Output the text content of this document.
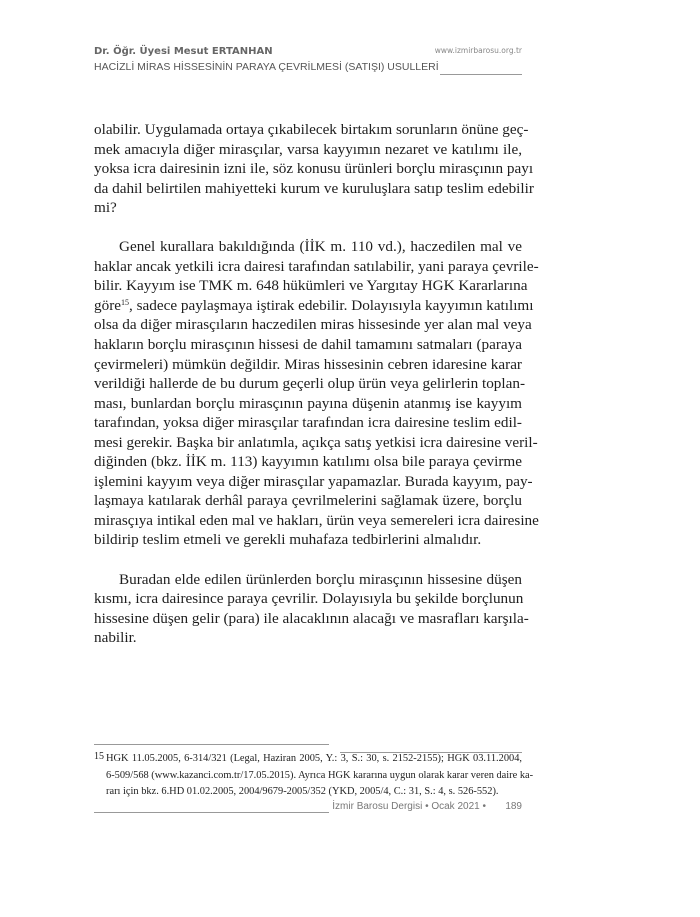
Dr. Öğr. Üyesi Mesut ERTANHAN
HACİZLİ MİRAS HİSSESİNİN PARAYA ÇEVRİLMESİ (SATIŞI) USULLERİ
www.izmirbarosu.org.tr
olabilir. Uygulamada ortaya çıkabilecek birtakım sorunların önüne geç-
mek amacıyla diğer mirasçılar, varsa kayyımın nezaret ve katılımı ile,
yoksa icra dairesinin izni ile, söz konusu ürünleri borçlu mirasçının payı
da dahil belirtilen mahiyetteki kurum ve kuruluşlara satıp teslim edebilir
mi?
Genel kurallara bakıldığında (İİK m. 110 vd.), haczedilen mal ve
haklar ancak yetkili icra dairesi tarafından satılabilir, yani paraya çevrile-
bilir. Kayyım ise TMK m. 648 hükümleri ve Yargıtay HGK Kararlarına
göre$^{15}$, sadece paylaşmaya iştirak edebilir. Dolayısıyla kayyımın katılımı
olsa da diğer mirasçıların haczedilen miras hissesinde yer alan mal veya
hakların borçlu mirasçının hissesi de dahil tamamını satmaları (paraya
çevirmeleri) mümkün değildir. Miras hissesinin cebren idaresine karar
verildiği hallerde de bu durum geçerli olup ürün veya gelirlerin toplan-
ması, bunlardan borçlu mirasçının payına düşenin atanmış ise kayyım
tarafından, yoksa diğer mirasçılar tarafından icra dairesine teslim edil-
mesi gerekir. Başka bir anlatımla, açıkça satış yetkisi icra dairesine veril-
diğinden (bkz. İİK m. 113) kayyımın katılımı olsa bile paraya çevirme
işlemini kayyım veya diğer mirasçılar yapamazlar. Burada kayyım, pay-
laşmaya katılarak derhâl paraya çevrilmelerini sağlamak üzere, borçlu
mirasçıya intikal eden mal ve hakları, ürün veya semereleri icra dairesine
bildirip teslim etmeli ve gerekli muhafaza tedbirlerini almalıdır.
Buradan elde edilen ürünlerden borçlu mirasçının hissesine düşen
kısmı, icra dairesince paraya çevrilir. Dolayısıyla bu şekilde borçlunun
hissesine düşen gelir (para) ile alacaklının alacağı ve masrafları karşıla-
nabilir.
15 HGK 11.05.2005, 6-314/321 (Legal, Haziran 2005, Y.: 3, S.: 30, s. 2152-2155); HGK 03.11.2004,
6-509/568 (www.kazanci.com.tr/17.05.2015). Ayrıca HGK kararına uygun olarak karar veren daire ka-
rarı için bkz. 6.HD 01.02.2005, 2004/9679-2005/352 (YKD, 2005/4, C.: 31, S.: 4, s. 526-552).
İzmir Barosu Dergisi • Ocak 2021 • 189
